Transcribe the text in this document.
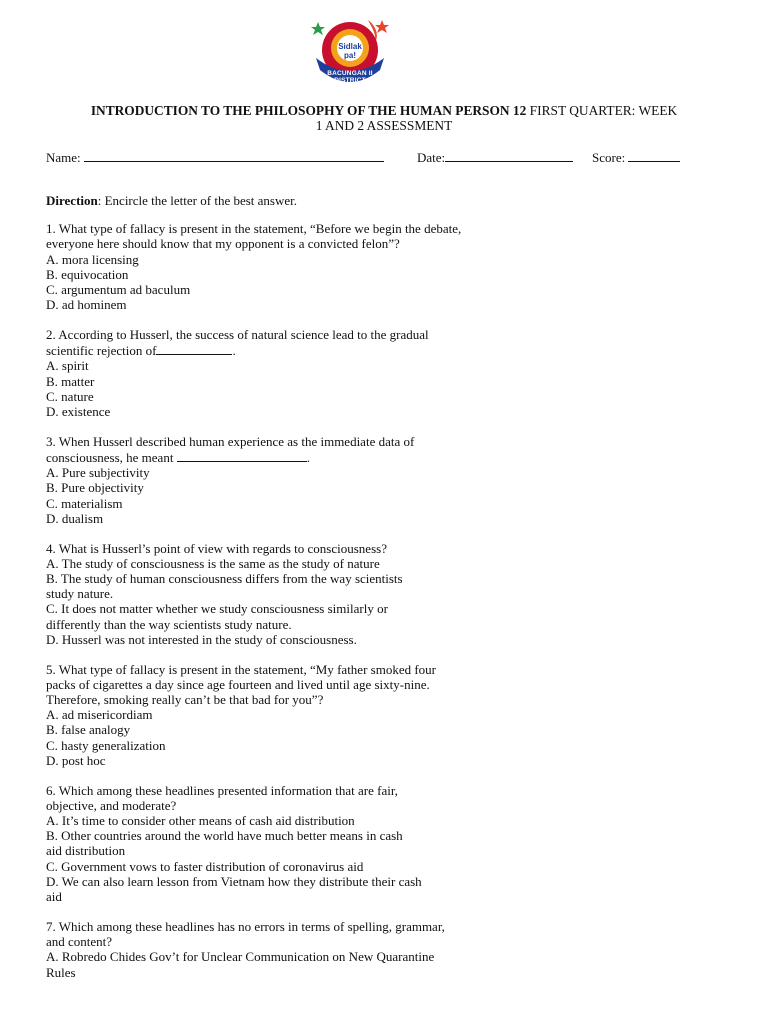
Sidlak pa!
BACUNGAN II DISTRICT
INTRODUCTION TO THE PHILOSOPHY OF THE HUMAN PERSON 12 FIRST QUARTER: WEEK
1 AND 2 ASSESSMENT
Name:	Date:	Score:
Direction: Encircle the letter of the best answer.
1. What type of fallacy is present in the statement, “Before we begin the debate,
everyone here should know that my opponent is a convicted felon”?
A. mora licensing
B. equivocation
C. argumentum ad baculum
D. ad hominem
2. According to Husserl, the success of natural science lead to the gradual
scientific rejection of	.
A. spirit
B. matter
C. nature
D. existence
3. When Husserl described human experience as the immediate data of
consciousness, he meant	.
A. Pure subjectivity
B. Pure objectivity
C. materialism
D. dualism
4. What is Husserl’s point of view with regards to consciousness?
A. The study of consciousness is the same as the study of nature
B. The study of human consciousness differs from the way scientists
study nature.
C. It does not matter whether we study consciousness similarly or
differently than the way scientists study nature.
D. Husserl was not interested in the study of consciousness.
5. What type of fallacy is present in the statement, “My father smoked four
packs of cigarettes a day since age fourteen and lived until age sixty-nine.
Therefore, smoking really can’t be that bad for you”?
A. ad misericordiam
B. false analogy
C. hasty generalization
D. post hoc
6. Which among these headlines presented information that are fair,
objective, and moderate?
A. It’s time to consider other means of cash aid distribution
B. Other countries around the world have much better means in cash
aid distribution
C. Government vows to faster distribution of coronavirus aid
D. We can also learn lesson from Vietnam how they distribute their cash
aid
7. Which among these headlines has no errors in terms of spelling, grammar,
and content?
A. Robredo Chides Gov’t for Unclear Communication on New Quarantine
Rules
